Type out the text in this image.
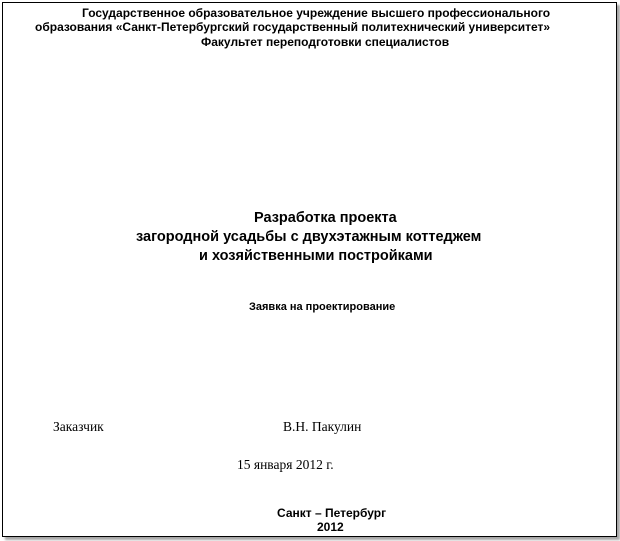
Государственное образовательное учреждение высшего профессионального
образования «Санкт-Петербургский государственный политехнический университет»
Факультет переподготовки специалистов
Разработка проекта
загородной усадьбы с двухэтажным коттеджем
и хозяйственными постройками
Заявка на проектирование
Заказчик	В.Н. Пакулин
15 января 2012 г.
Санкт – Петербург
2012
